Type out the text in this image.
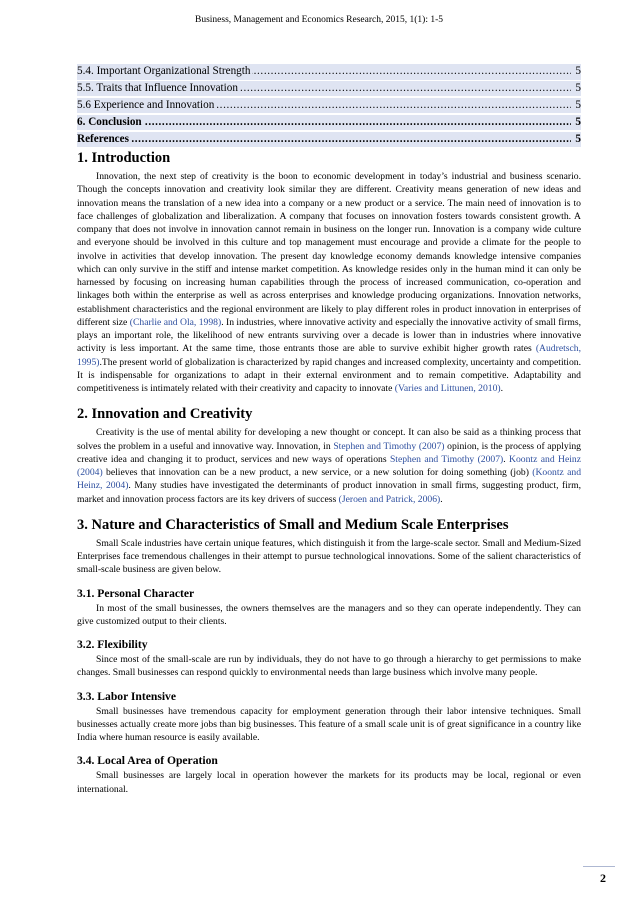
Business, Management and Economics Research, 2015, 1(1): 1-5
.....
5.4. Important Organizational Strength	5
.....
5.5. Traits that Influence Innovation	5
.....
5.6 Experience and Innovation	5
.....
6. Conclusion	5
.....
References	5
1. Introduction

Innovation, the next step of creativity is the boon to economic development in today’s industrial and business scenario. Though the concepts innovation and creativity look similar they are different. Creativity means generation of new ideas and innovation means the translation of a new idea into a company or a new product or a service. The main need of innovation is to face challenges of globalization and liberalization. A company that focuses on innovation fosters towards consistent growth. A company that does not involve in innovation cannot remain in business on the longer run. Innovation is a company wide culture and everyone should be involved in this culture and top management must encourage and provide a climate for the people to involve in activities that develop innovation. The present day knowledge economy demands knowledge intensive companies which can only survive in the stiff and intense market competition. As knowledge resides only in the human mind it can only be harnessed by focusing on increasing human capabilities through the process of increased communication, co-operation and linkages both within the enterprise as well as across enterprises and knowledge producing organizations. Innovation networks, establishment characteristics and the regional environment are likely to play different roles in product innovation in enterprises of different size (Charlie and Ola, 1998). In industries, where innovative activity and especially the innovative activity of small firms, plays an important role, the likelihood of new entrants surviving over a decade is lower than in industries where innovative activity is less important. At the same time, those entrants those are able to survive exhibit higher growth rates (Audretsch, 1995).The present world of globalization is characterized by rapid changes and increased complexity, uncertainty and competition. It is indispensable for organizations to adapt in their external environment and to remain competitive. Adaptability and competitiveness is intimately related with their creativity and capacity to innovate (Varies and Littunen, 2010).

2. Innovation and Creativity

Creativity is the use of mental ability for developing a new thought or concept. It can also be said as a thinking process that solves the problem in a useful and innovative way. Innovation, in Stephen and Timothy (2007) opinion, is the process of applying creative idea and changing it to product, services and new ways of operations Stephen and Timothy (2007). Koontz and Heinz (2004) believes that innovation can be a new product, a new service, or a new solution for doing something (job) (Koontz and Heinz, 2004). Many studies have investigated the determinants of product innovation in small firms, suggesting product, firm, market and innovation process factors are its key drivers of success (Jeroen and Patrick, 2006).

3. Nature and Characteristics of Small and Medium Scale Enterprises

Small Scale industries have certain unique features, which distinguish it from the large-scale sector. Small and Medium-Sized Enterprises face tremendous challenges in their attempt to pursue technological innovations. Some of the salient characteristics of small-scale business are given below.

3.1. Personal Character

In most of the small businesses, the owners themselves are the managers and so they can operate independently. They can give customized output to their clients.

3.2. Flexibility

Since most of the small-scale are run by individuals, they do not have to go through a hierarchy to get permissions to make changes. Small businesses can respond quickly to environmental needs than large business which involve many people.

3.3. Labor Intensive

Small businesses have tremendous capacity for employment generation through their labor intensive techniques. Small businesses actually create more jobs than big businesses. This feature of a small scale unit is of great significance in a country like India where human resource is easily available.

3.4. Local Area of Operation

Small businesses are largely local in operation however the markets for its products may be local, regional or even international.

2
